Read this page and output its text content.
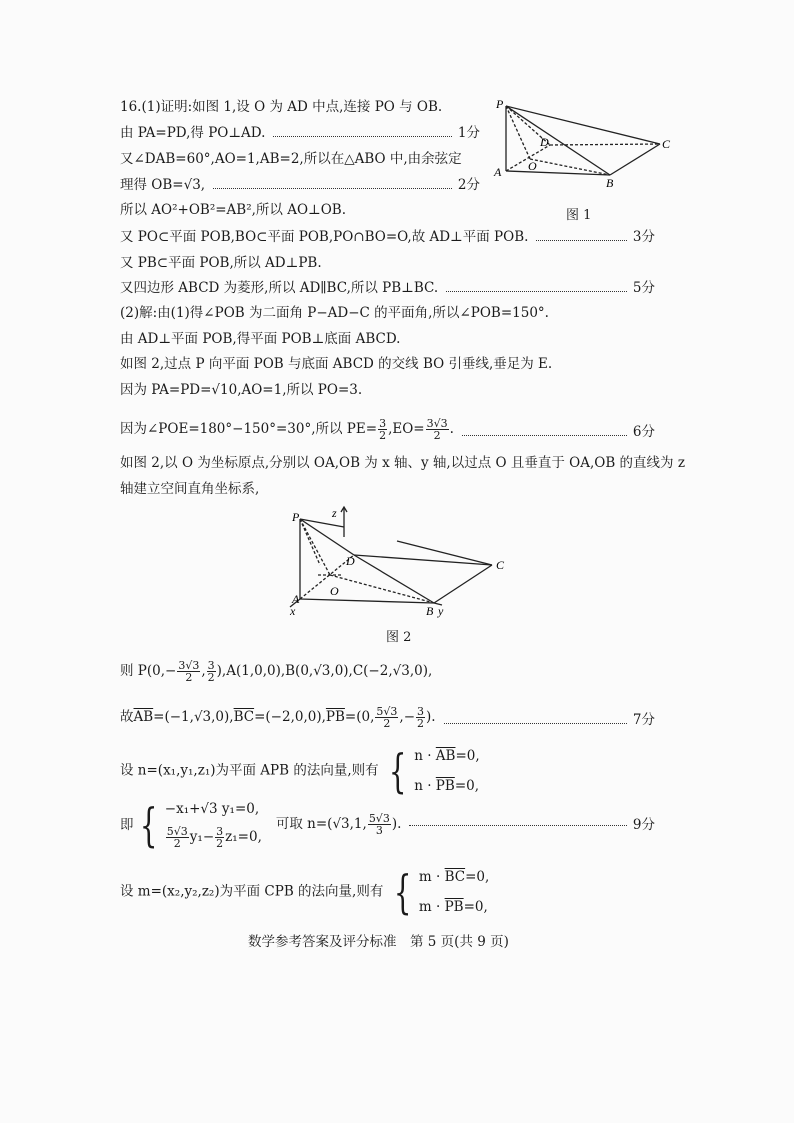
16.(1)证明:如图 1,设 O 为 AD 中点,连接 PO 与 OB.
由 PA=PD,得 PO⊥AD.	1分
又∠DAB=60°,AO=1,AB=2,所以在△ABO 中,由余弦定
理得 OB=√3,	2分
所以 AO²+OB²=AB²,所以 AO⊥OB.
又 PO⊂平面 POB,BO⊂平面 POB,PO∩BO=O,故 AD⊥平面 POB.	3分
又 PB⊂平面 POB,所以 AD⊥PB.
又四边形 ABCD 为菱形,所以 AD∥BC,所以 PB⊥BC.	5分
(2)解:由(1)得∠POB 为二面角 P−AD−C 的平面角,所以∠POB=150°.
由 AD⊥平面 POB,得平面 POB⊥底面 ABCD.
如图 2,过点 P 向平面 POB 与底面 ABCD 的交线 BO 引垂线,垂足为 E.
因为 PA=PD=√10,AO=1,所以 PO=3.
P
C
D
O
A
B
图 1
因为∠POE=180°−150°=30°,所以 $PE= \frac{3}{2} ,EO= \frac{3√3}{2}$ .	6分
如图 2,以 O 为坐标原点,分别以 OA,OB 为 x 轴、y 轴,以过点 O 且垂直于 OA,OB 的直线为 z
轴建立空间直角坐标系,
P	z
D	C
O
A
x	B y
图 2
则 $P(0,- \frac{3√3}{2}$ , $\frac{3}{2} ),A(1,0,0),B(0,√3,0),C(-2,√3,0)$,
故$\overline{AB}=(-1,√3,0),\overline{BC}=(-2,0,0),\overline{PB}=(0$, $\frac{5√3}{2}$ ,− $\frac{3}{2}$ ).	7分
设 n=(x₁,y₁,z₁)为平面 APB 的法向量,则有 { $n \cdot \overline{AB}=0$,
$n \cdot \overline{PB}=0$,
即 { −x₁+√3 y₁=0,
$\frac{5√3}{2} y_1- \frac{3}{2} z_1=0$,
可取 n=(√3,1, $\frac{5√3}{3}$ ).	9分
设 m=(x₂,y₂,z₂)为平面 CPB 的法向量,则有 { $m \cdot \overline{BC}=0$,
$m \cdot \overline{PB}=0$,
数学参考答案及评分标准　第 5 页(共 9 页)
